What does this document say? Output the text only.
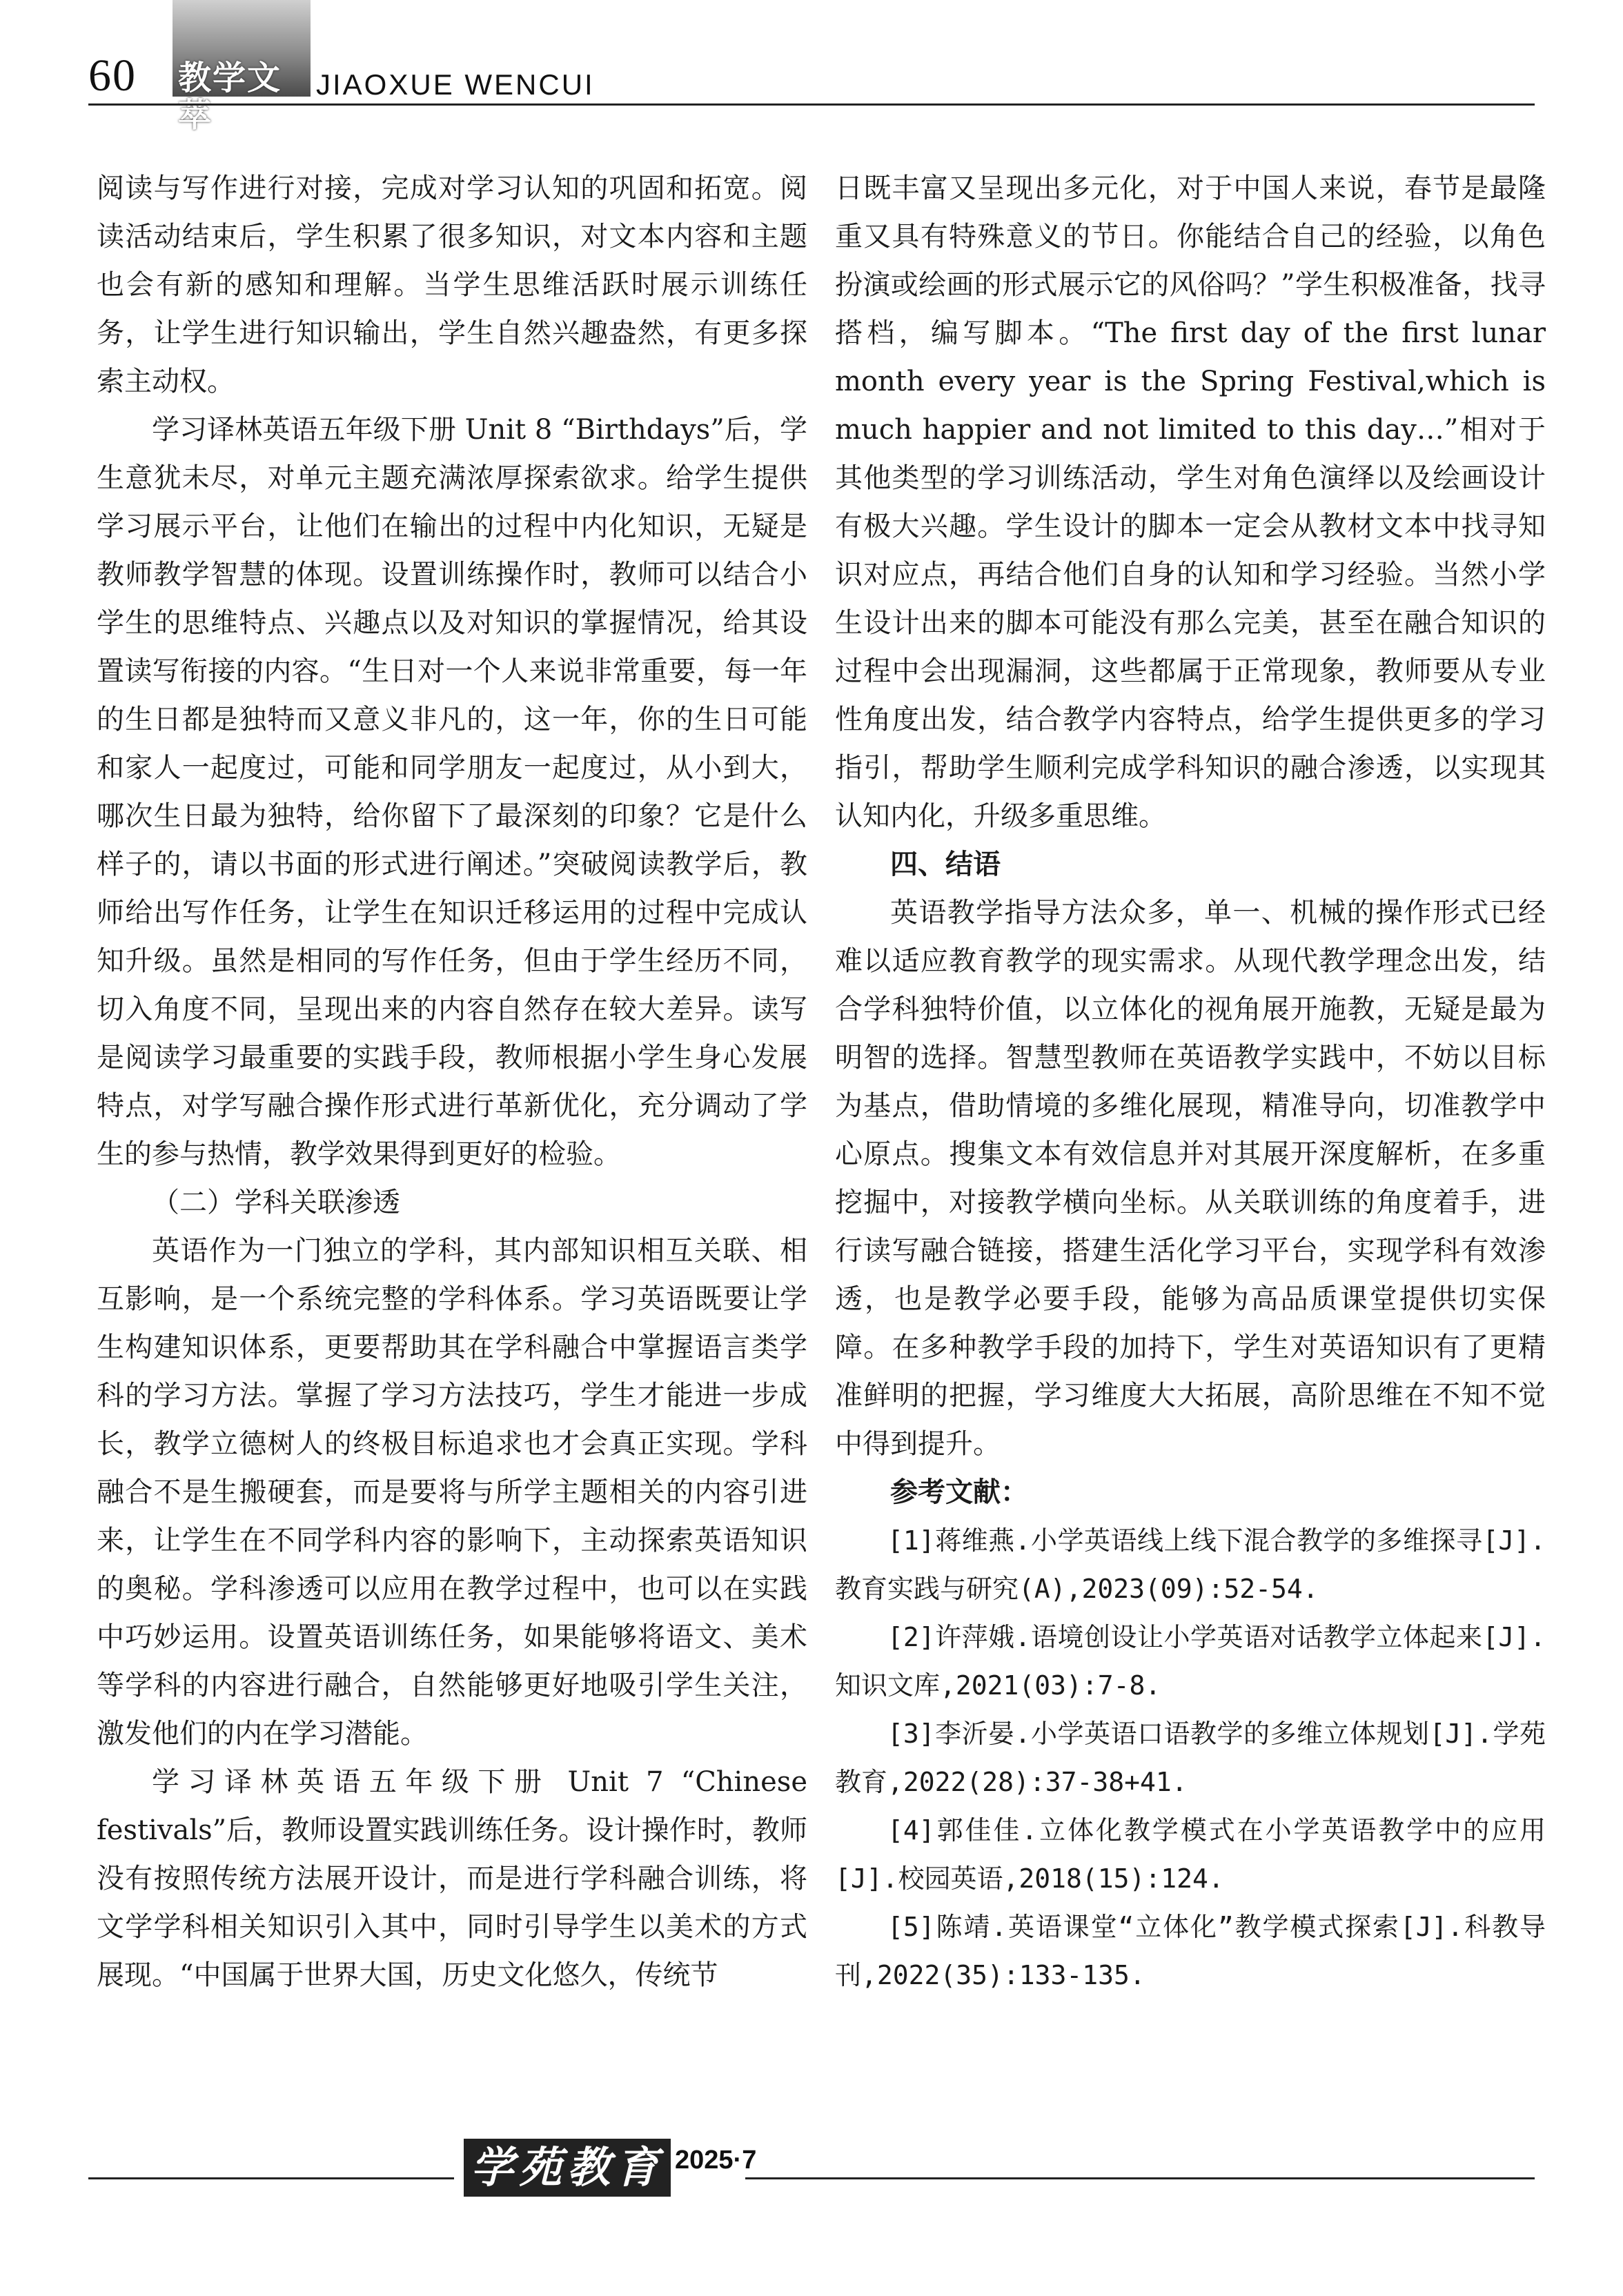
60 教学文萃
JIAOXUE WENCUI

阅读与写作进行对接，完成对学习认知的巩固和拓宽。阅读活动结束后，学生积累了很多知识，对文本内容和主题也会有新的感知和理解。当学生思维活跃时展示训练任务，让学生进行知识输出，学生自然兴趣盎然，有更多探索主动权。

学习译林英语五年级下册 Unit 8 “Birthdays”后，学生意犹未尽，对单元主题充满浓厚探索欲求。给学生提供学习展示平台，让他们在输出的过程中内化知识，无疑是教师教学智慧的体现。设置训练操作时，教师可以结合小学生的思维特点、兴趣点以及对知识的掌握情况，给其设置读写衔接的内容。“生日对一个人来说非常重要，每一年的生日都是独特而又意义非凡的，这一年，你的生日可能和家人一起度过，可能和同学朋友一起度过，从小到大，哪次生日最为独特，给你留下了最深刻的印象？它是什么样子的，请以书面的形式进行阐述。”突破阅读教学后，教师给出写作任务，让学生在知识迁移运用的过程中完成认知升级。虽然是相同的写作任务，但由于学生经历不同，切入角度不同，呈现出来的内容自然存在较大差异。读写是阅读学习最重要的实践手段，教师根据小学生身心发展特点，对学写融合操作形式进行革新优化，充分调动了学生的参与热情，教学效果得到更好的检验。

（二）学科关联渗透

英语作为一门独立的学科，其内部知识相互关联、相互影响，是一个系统完整的学科体系。学习英语既要让学生构建知识体系，更要帮助其在学科融合中掌握语言类学科的学习方法。掌握了学习方法技巧，学生才能进一步成长，教学立德树人的终极目标追求也才会真正实现。学科融合不是生搬硬套，而是要将与所学主题相关的内容引进来，让学生在不同学科内容的影响下，主动探索英语知识的奥秘。学科渗透可以应用在教学过程中，也可以在实践中巧妙运用。设置英语训练任务，如果能够将语文、美术等学科的内容进行融合，自然能够更好地吸引学生关注，激发他们的内在学习潜能。

学习译林英语五年级下册 Unit 7 “Chinese festivals”后，教师设置实践训练任务。设计操作时，教师没有按照传统方法展开设计，而是进行学科融合训练，将文学学科相关知识引入其中，同时引导学生以美术的方式展现。“中国属于世界大国，历史文化悠久，传统节

日既丰富又呈现出多元化，对于中国人来说，春节是最隆重又具有特殊意义的节日。你能结合自己的经验，以角色扮演或绘画的形式展示它的风俗吗？”学生积极准备，找寻搭档，编写脚本。“The first day of the first lunar month every year is the Spring Festival,which is much happier and not limited to this day…”相对于其他类型的学习训练活动，学生对角色演绎以及绘画设计有极大兴趣。学生设计的脚本一定会从教材文本中找寻知识对应点，再结合他们自身的认知和学习经验。当然小学生设计出来的脚本可能没有那么完美，甚至在融合知识的过程中会出现漏洞，这些都属于正常现象，教师要从专业性角度出发，结合教学内容特点，给学生提供更多的学习指引，帮助学生顺利完成学科知识的融合渗透，以实现其认知内化，升级多重思维。

四、结语

英语教学指导方法众多，单一、机械的操作形式已经难以适应教育教学的现实需求。从现代教学理念出发，结合学科独特价值，以立体化的视角展开施教，无疑是最为明智的选择。智慧型教师在英语教学实践中，不妨以目标为基点，借助情境的多维化展现，精准导向，切准教学中心原点。搜集文本有效信息并对其展开深度解析，在多重挖掘中，对接教学横向坐标。从关联训练的角度着手，进行读写融合链接，搭建生活化学习平台，实现学科有效渗透，也是教学必要手段，能够为高品质课堂提供切实保障。在多种教学手段的加持下，学生对英语知识有了更精准鲜明的把握，学习维度大大拓展，高阶思维在不知不觉中得到提升。

参考文献：

[1]蒋维燕.小学英语线上线下混合教学的多维探寻[J].教育实践与研究(A),2023(09):52-54.

[2]许萍娥.语境创设让小学英语对话教学立体起来[J].知识文库,2021(03):7-8.

[3]李沂晏.小学英语口语教学的多维立体规划[J].学苑教育,2022(28):37-38+41.

[4]郭佳佳.立体化教学模式在小学英语教学中的应用[J].校园英语,2018(15):124.

[5]陈靖.英语课堂“立体化”教学模式探索[J].科教导刊,2022(35):133-135.

学苑教育 2025·7
